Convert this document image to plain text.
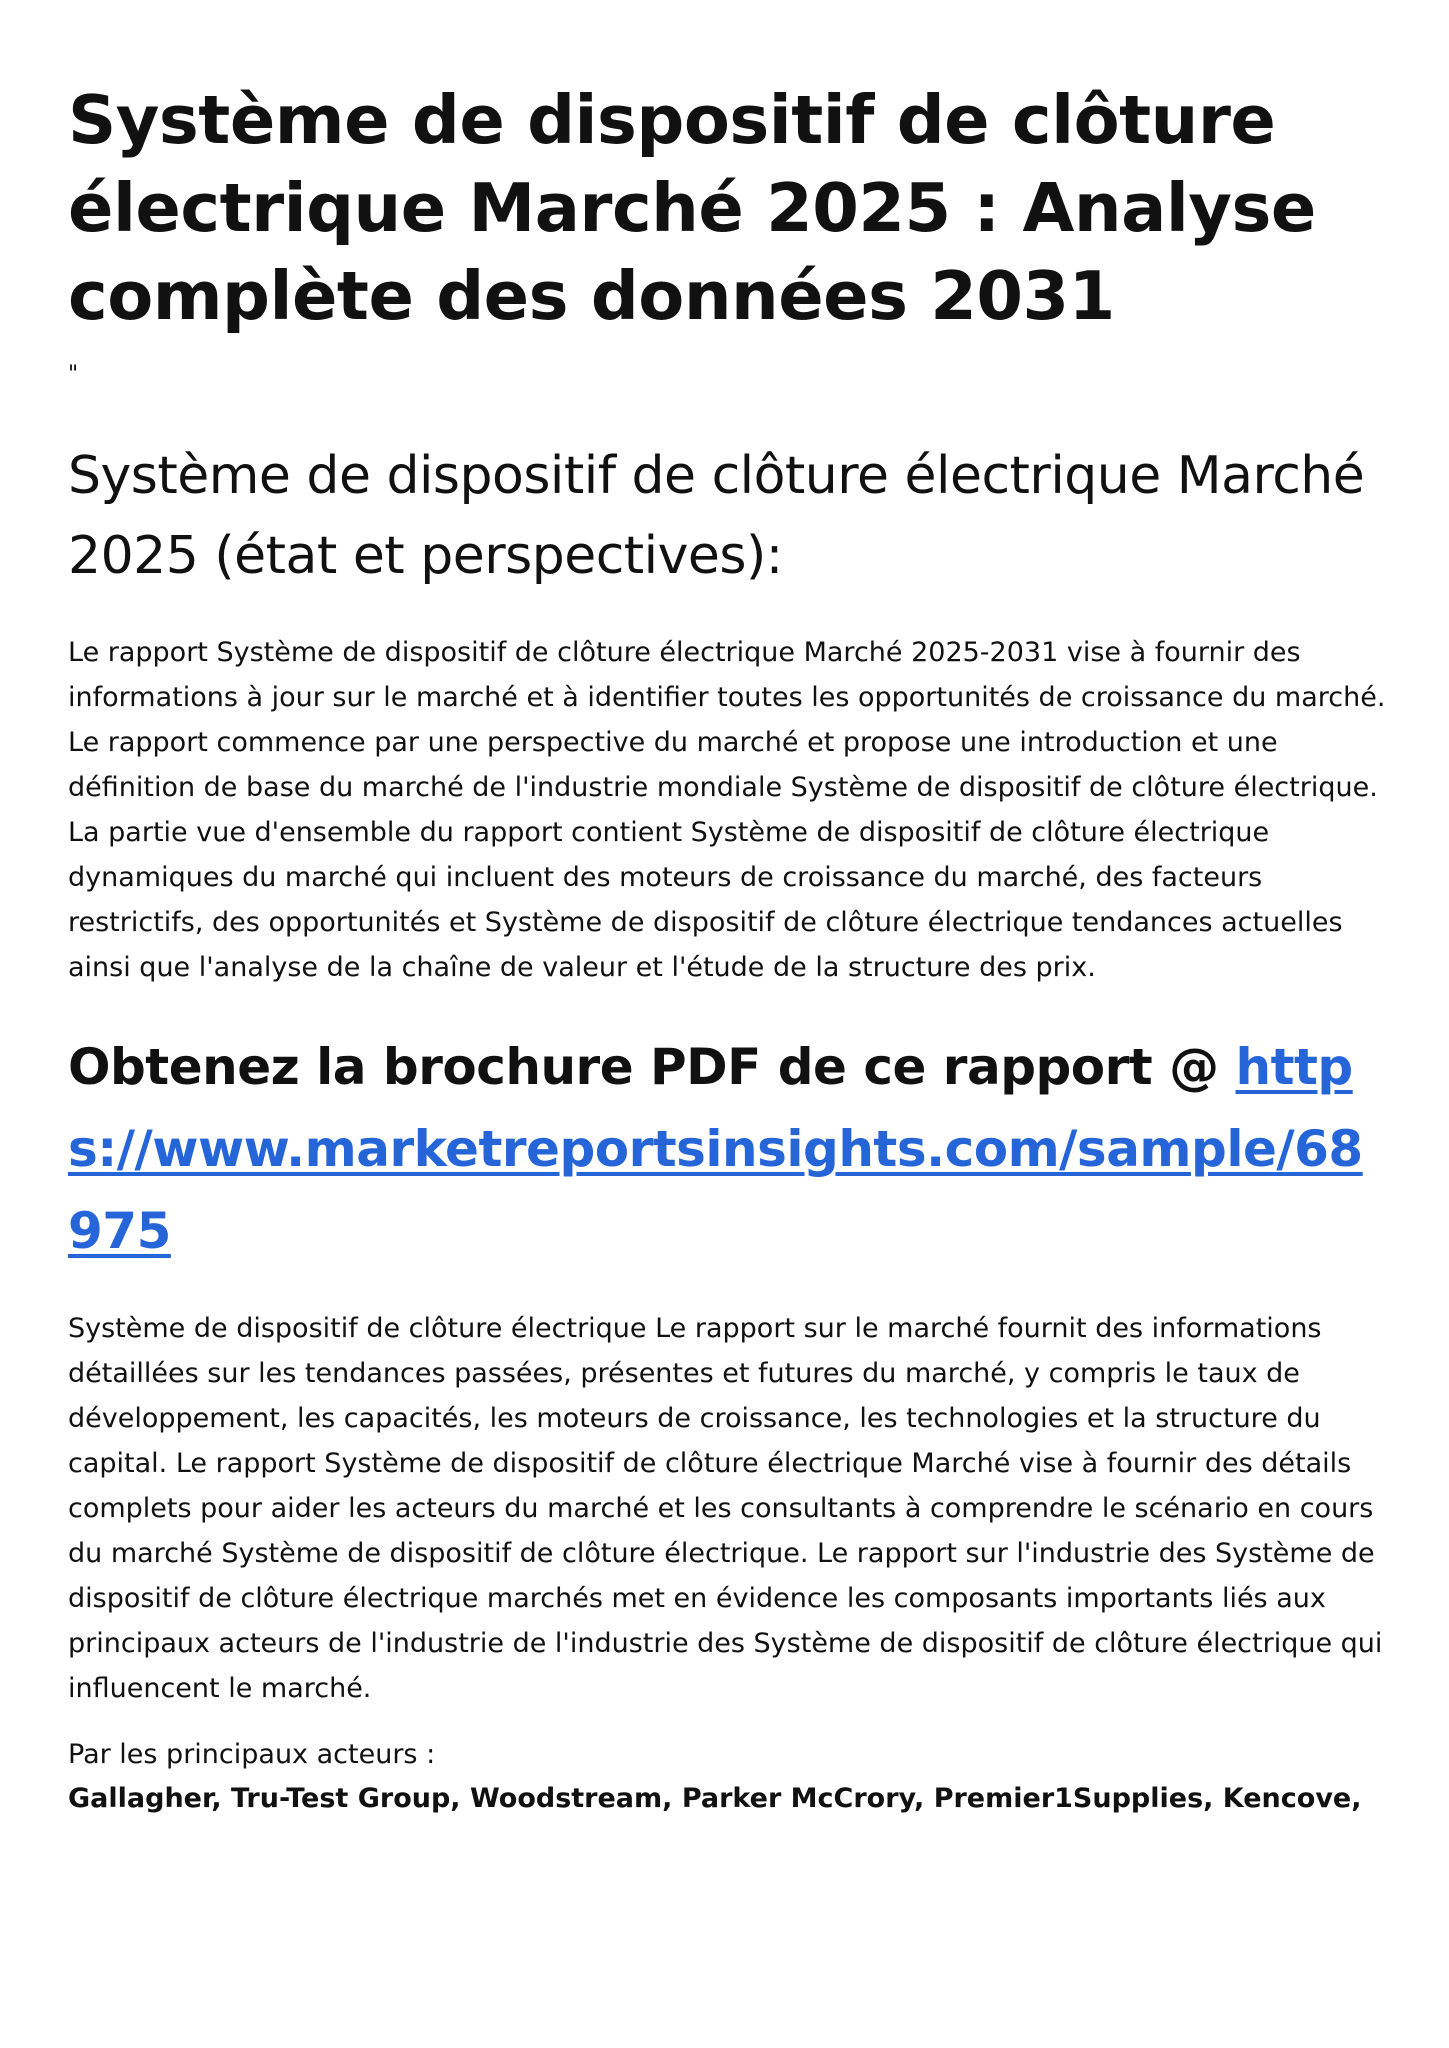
Système de dispositif de clôture électrique Marché 2025 : Analyse complète des données 2031
"
Système de dispositif de clôture électrique Marché 2025 (état et perspectives):

Le rapport Système de dispositif de clôture électrique Marché 2025-2031 vise à fournir des informations à jour sur le marché et à identifier toutes les opportunités de croissance du marché. Le rapport commence par une perspective du marché et propose une introduction et une définition de base du marché de l'industrie mondiale Système de dispositif de clôture électrique. La partie vue d'ensemble du rapport contient Système de dispositif de clôture électrique dynamiques du marché qui incluent des moteurs de croissance du marché, des facteurs restrictifs, des opportunités et Système de dispositif de clôture électrique tendances actuelles ainsi que l'analyse de la chaîne de valeur et l'étude de la structure des prix.

Obtenez la brochure PDF de ce rapport @ https://www.marketreportsinsights.com/sample/68975

Système de dispositif de clôture électrique Le rapport sur le marché fournit des informations détaillées sur les tendances passées, présentes et futures du marché, y compris le taux de développement, les capacités, les moteurs de croissance, les technologies et la structure du capital. Le rapport Système de dispositif de clôture électrique Marché vise à fournir des détails complets pour aider les acteurs du marché et les consultants à comprendre le scénario en cours du marché Système de dispositif de clôture électrique. Le rapport sur l'industrie des Système de dispositif de clôture électrique marchés met en évidence les composants importants liés aux principaux acteurs de l'industrie de l'industrie des Système de dispositif de clôture électrique qui influencent le marché.

Par les principaux acteurs :
Gallagher, Tru-Test Group, Woodstream, Parker McCrory, Premier1Supplies, Kencove,
